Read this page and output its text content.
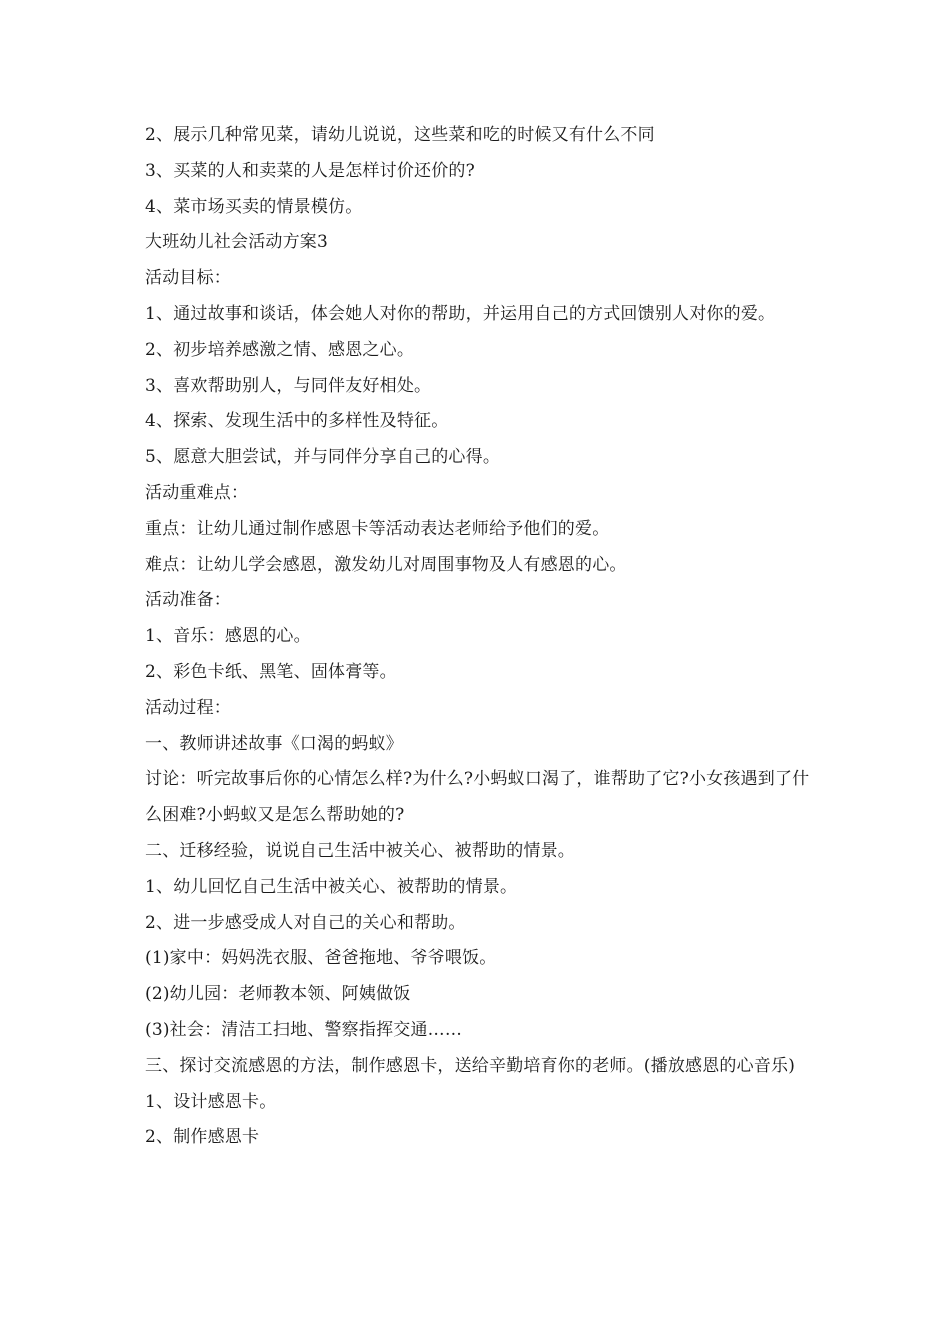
2、展示几种常见菜，请幼儿说说，这些菜和吃的时候又有什么不同
3、买菜的人和卖菜的人是怎样讨价还价的?
4、菜市场买卖的情景模仿。
大班幼儿社会活动方案3
活动目标：
1、通过故事和谈话，体会她人对你的帮助，并运用自己的方式回馈别人对你的爱。
2、初步培养感激之情、感恩之心。
3、喜欢帮助别人，与同伴友好相处。
4、探索、发现生活中的多样性及特征。
5、愿意大胆尝试，并与同伴分享自己的心得。
活动重难点：
重点：让幼儿通过制作感恩卡等活动表达老师给予他们的爱。
难点：让幼儿学会感恩，激发幼儿对周围事物及人有感恩的心。
活动准备：
1、音乐：感恩的心。
2、彩色卡纸、黑笔、固体膏等。
活动过程：
一、教师讲述故事《口渴的蚂蚁》
讨论：听完故事后你的心情怎么样?为什么?小蚂蚁口渴了，谁帮助了它?小女孩遇到了什么困难?小蚂蚁又是怎么帮助她的?
二、迁移经验，说说自己生活中被关心、被帮助的情景。
1、幼儿回忆自己生活中被关心、被帮助的情景。
2、进一步感受成人对自己的关心和帮助。
(1)家中：妈妈洗衣服、爸爸拖地、爷爷喂饭。
(2)幼儿园：老师教本领、阿姨做饭
(3)社会：清洁工扫地、警察指挥交通……
三、探讨交流感恩的方法，制作感恩卡，送给辛勤培育你的老师。(播放感恩的心音乐)
1、设计感恩卡。
2、制作感恩卡
